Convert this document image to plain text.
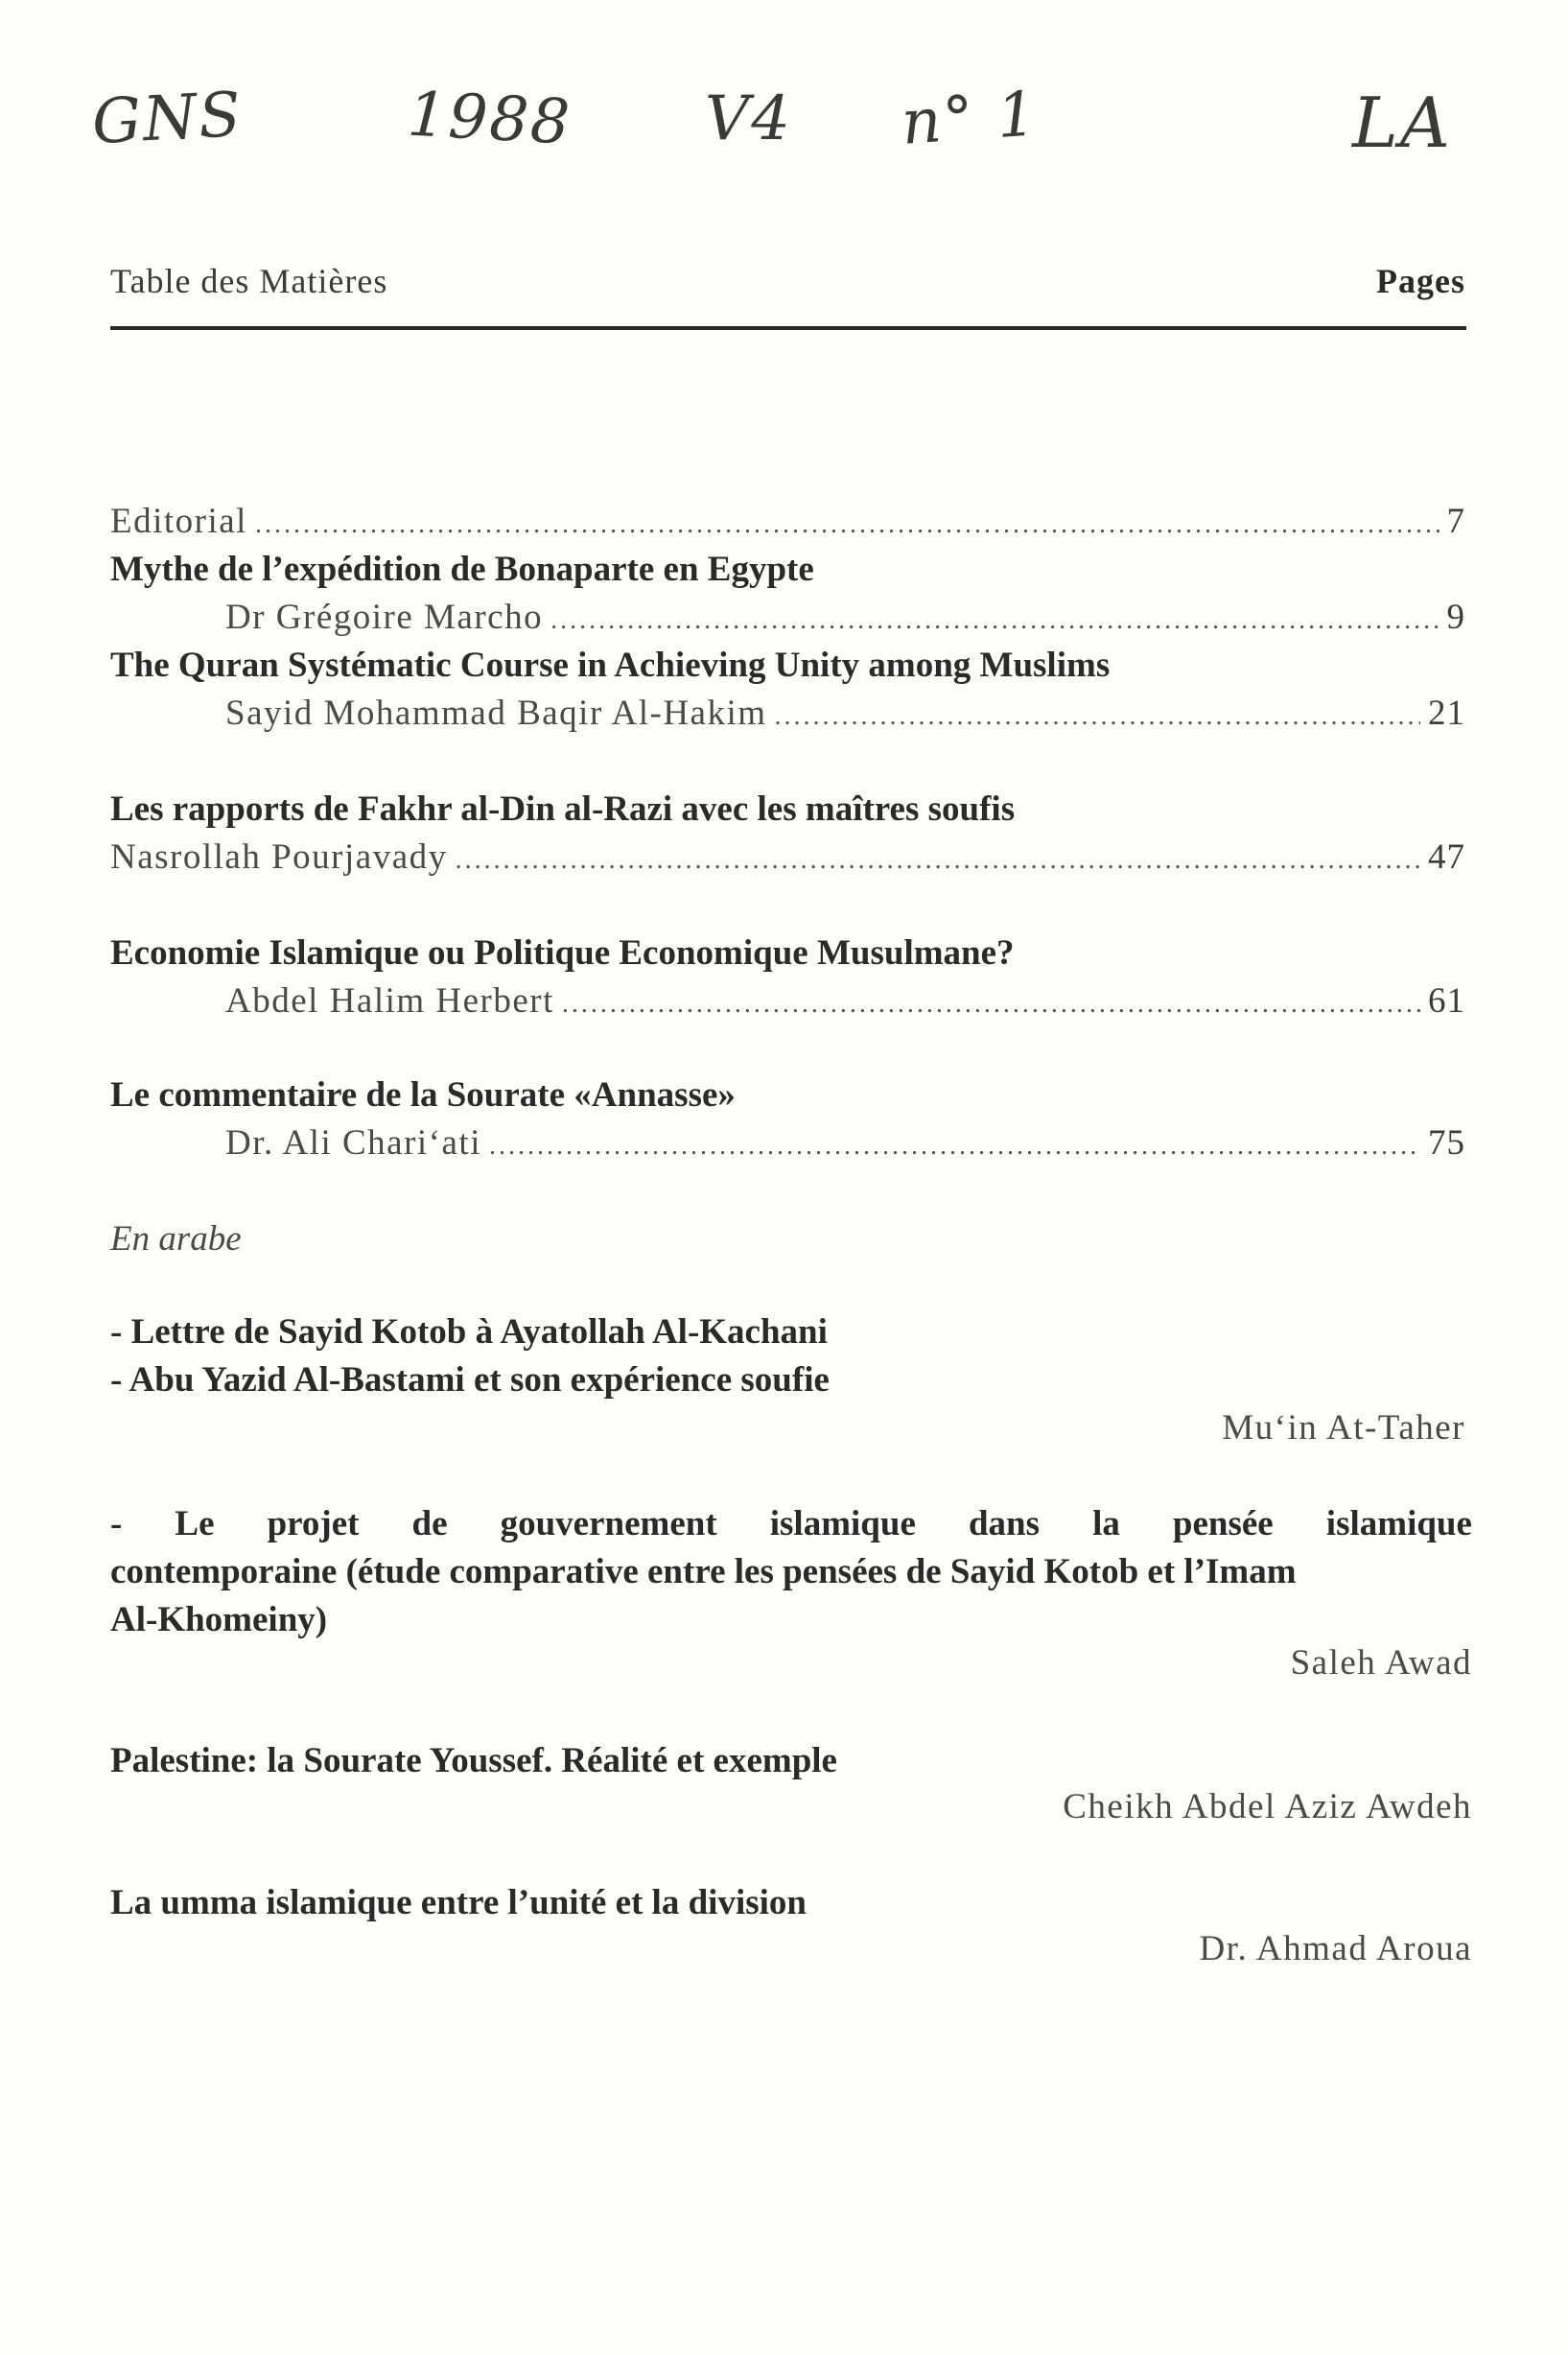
GNS	1988 V4 n° 1	LA
Table des Matières	Pages
Editorial .....	7
Mythe de l’expédition de Bonaparte en Egypte
Dr Grégoire Marcho .....	9
The Quran Systématic Course in Achieving Unity among Muslims
Sayid Mohammad Baqir Al-Hakim .....	21
Les rapports de Fakhr al-Din al-Razi avec les maîtres soufis
Nasrollah Pourjavady .....	47
Economie Islamique ou Politique Economique Musulmane?
Abdel Halim Herbert .....	61
Le commentaire de la Sourate «Annasse»
Dr. Ali Chari‘ati .....	75
En arabe
- Lettre de Sayid Kotob à Ayatollah Al-Kachani
- Abu Yazid Al-Bastami et son expérience soufie
Mu‘in At-Taher
- Le projet de gouvernement islamique dans la pensée islamique
contemporaine (étude comparative entre les pensées de Sayid Kotob et l’Imam
Al-Khomeiny)
Saleh Awad
Palestine: la Sourate Youssef. Réalité et exemple
Cheikh Abdel Aziz Awdeh
La umma islamique entre l’unité et la division
Dr. Ahmad Aroua
